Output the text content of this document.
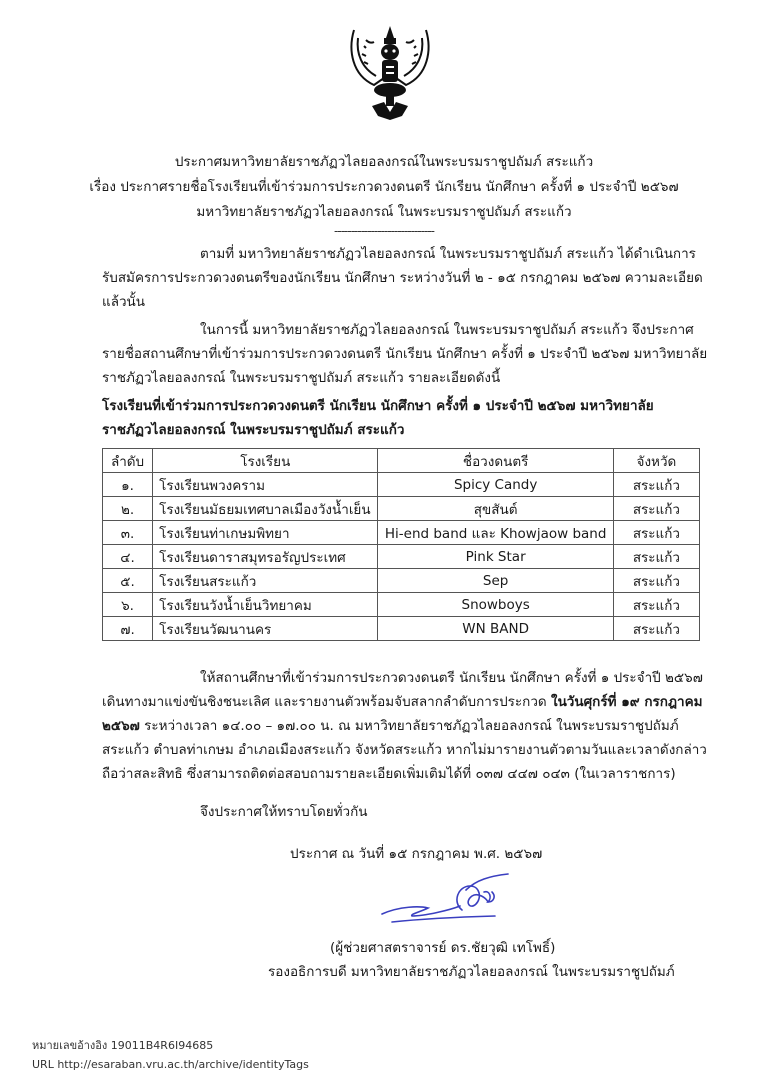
ประกาศมหาวิทยาลัยราชภัฏวไลยอลงกรณ์ในพระบรมราชูปถัมภ์ สระแก้ว
เรื่อง ประกาศรายชื่อโรงเรียนที่เข้าร่วมการประกวดวงดนตรี นักเรียน นักศึกษา ครั้งที่ ๑ ประจำปี ๒๕๖๗
มหาวิทยาลัยราชภัฏวไลยอลงกรณ์ ในพระบรมราชูปถัมภ์ สระแก้ว
------------------------------
ตามที่ มหาวิทยาลัยราชภัฏวไลยอลงกรณ์ ในพระบรมราชูปถัมภ์ สระแก้ว ได้ดำเนินการ
รับสมัครการประกวดวงดนตรีของนักเรียน นักศึกษา ระหว่างวันที่ ๒ - ๑๕ กรกฎาคม ๒๕๖๗ ความละเอียด
แล้วนั้น
ในการนี้ มหาวิทยาลัยราชภัฏวไลยอลงกรณ์ ในพระบรมราชูปถัมภ์ สระแก้ว จึงประกาศ
รายชื่อสถานศึกษาที่เข้าร่วมการประกวดวงดนตรี นักเรียน นักศึกษา ครั้งที่ ๑ ประจำปี ๒๕๖๗ มหาวิทยาลัย
ราชภัฏวไลยอลงกรณ์ ในพระบรมราชูปถัมภ์ สระแก้ว รายละเอียดดังนี้
โรงเรียนที่เข้าร่วมการประกวดวงดนตรี นักเรียน นักศึกษา ครั้งที่ ๑ ประจำปี ๒๕๖๗ มหาวิทยาลัย
ราชภัฏวไลยอลงกรณ์ ในพระบรมราชูปถัมภ์ สระแก้ว
ลำดับ	โรงเรียน	ชื่อวงดนตรี	จังหวัด
๑.	โรงเรียนพวงคราม	Spicy Candy	สระแก้ว
๒.	โรงเรียนมัธยมเทศบาลเมืองวังน้ำเย็น	สุขสันต์	สระแก้ว
๓.	โรงเรียนท่าเกษมพิทยา	Hi-end band และ Khowjaow band	สระแก้ว
๔.	โรงเรียนดาราสมุทรอรัญประเทศ	Pink Star	สระแก้ว
๕.	โรงเรียนสระแก้ว	Sep	สระแก้ว
๖.	โรงเรียนวังน้ำเย็นวิทยาคม	Snowboys	สระแก้ว
๗.	โรงเรียนวัฒนานคร	WN BAND	สระแก้ว
ให้สถานศึกษาที่เข้าร่วมการประกวดวงดนตรี นักเรียน นักศึกษา ครั้งที่ ๑ ประจำปี ๒๕๖๗
เดินทางมาแข่งขันชิงชนะเลิศ และรายงานตัวพร้อมจับสลากลำดับการประกวด ในวันศุกร์ที่ ๑๙ กรกฎาคม
๒๕๖๗ ระหว่างเวลา ๑๔.๐๐ – ๑๗.๐๐ น. ณ มหาวิทยาลัยราชภัฏวไลยอลงกรณ์ ในพระบรมราชูปถัมภ์
สระแก้ว ตำบลท่าเกษม อำเภอเมืองสระแก้ว จังหวัดสระแก้ว หากไม่มารายงานตัวตามวันและเวลาดังกล่าว
ถือว่าสละสิทธิ ซึ่งสามารถติดต่อสอบถามรายละเอียดเพิ่มเติมได้ที่ ๐๓๗ ๔๔๗ ๐๔๓ (ในเวลาราชการ)
จึงประกาศให้ทราบโดยทั่วกัน
ประกาศ ณ วันที่ ๑๕ กรกฎาคม พ.ศ. ๒๕๖๗
(ผู้ช่วยศาสตราจารย์ ดร.ชัยวุฒิ เทโพธิ์)
รองอธิการบดี มหาวิทยาลัยราชภัฏวไลยอลงกรณ์ ในพระบรมราชูปถัมภ์
หมายเลขอ้างอิง 19011B4R6I94685
URL http://esaraban.vru.ac.th/archive/identityTags
